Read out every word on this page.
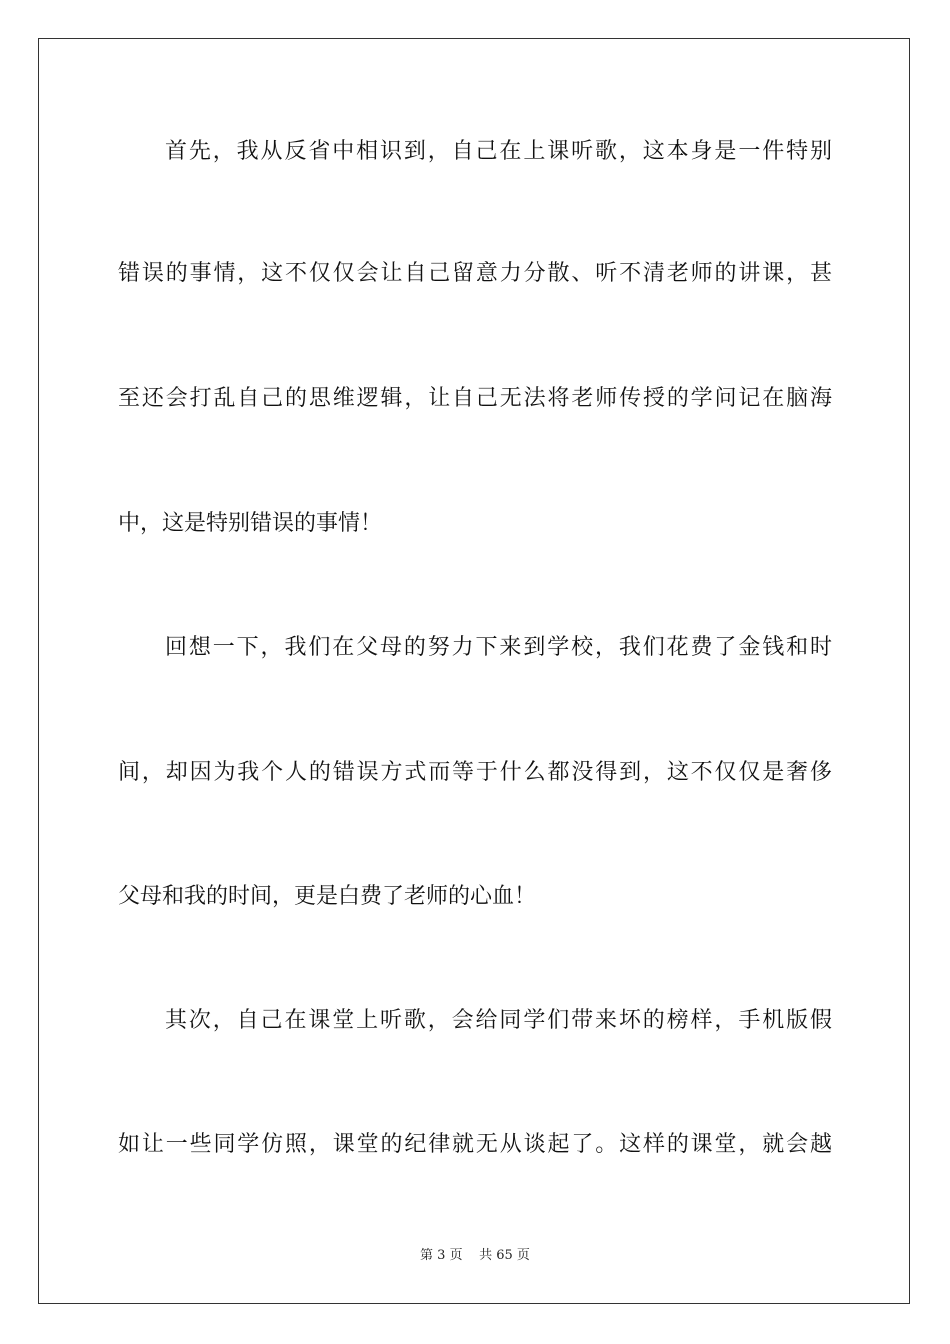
首先，我从反省中相识到，自己在上课听歌，这本身是一件特别
错误的事情，这不仅仅会让自己留意力分散、听不清老师的讲课，甚
至还会打乱自己的思维逻辑，让自己无法将老师传授的学问记在脑海
中，这是特别错误的事情！
回想一下，我们在父母的努力下来到学校，我们花费了金钱和时
间，却因为我个人的错误方式而等于什么都没得到，这不仅仅是奢侈
父母和我的时间，更是白费了老师的心血！
其次，自己在课堂上听歌，会给同学们带来坏的榜样，手机版假
如让一些同学仿照，课堂的纪律就无从谈起了。这样的课堂，就会越
第 3 页 共 65 页
